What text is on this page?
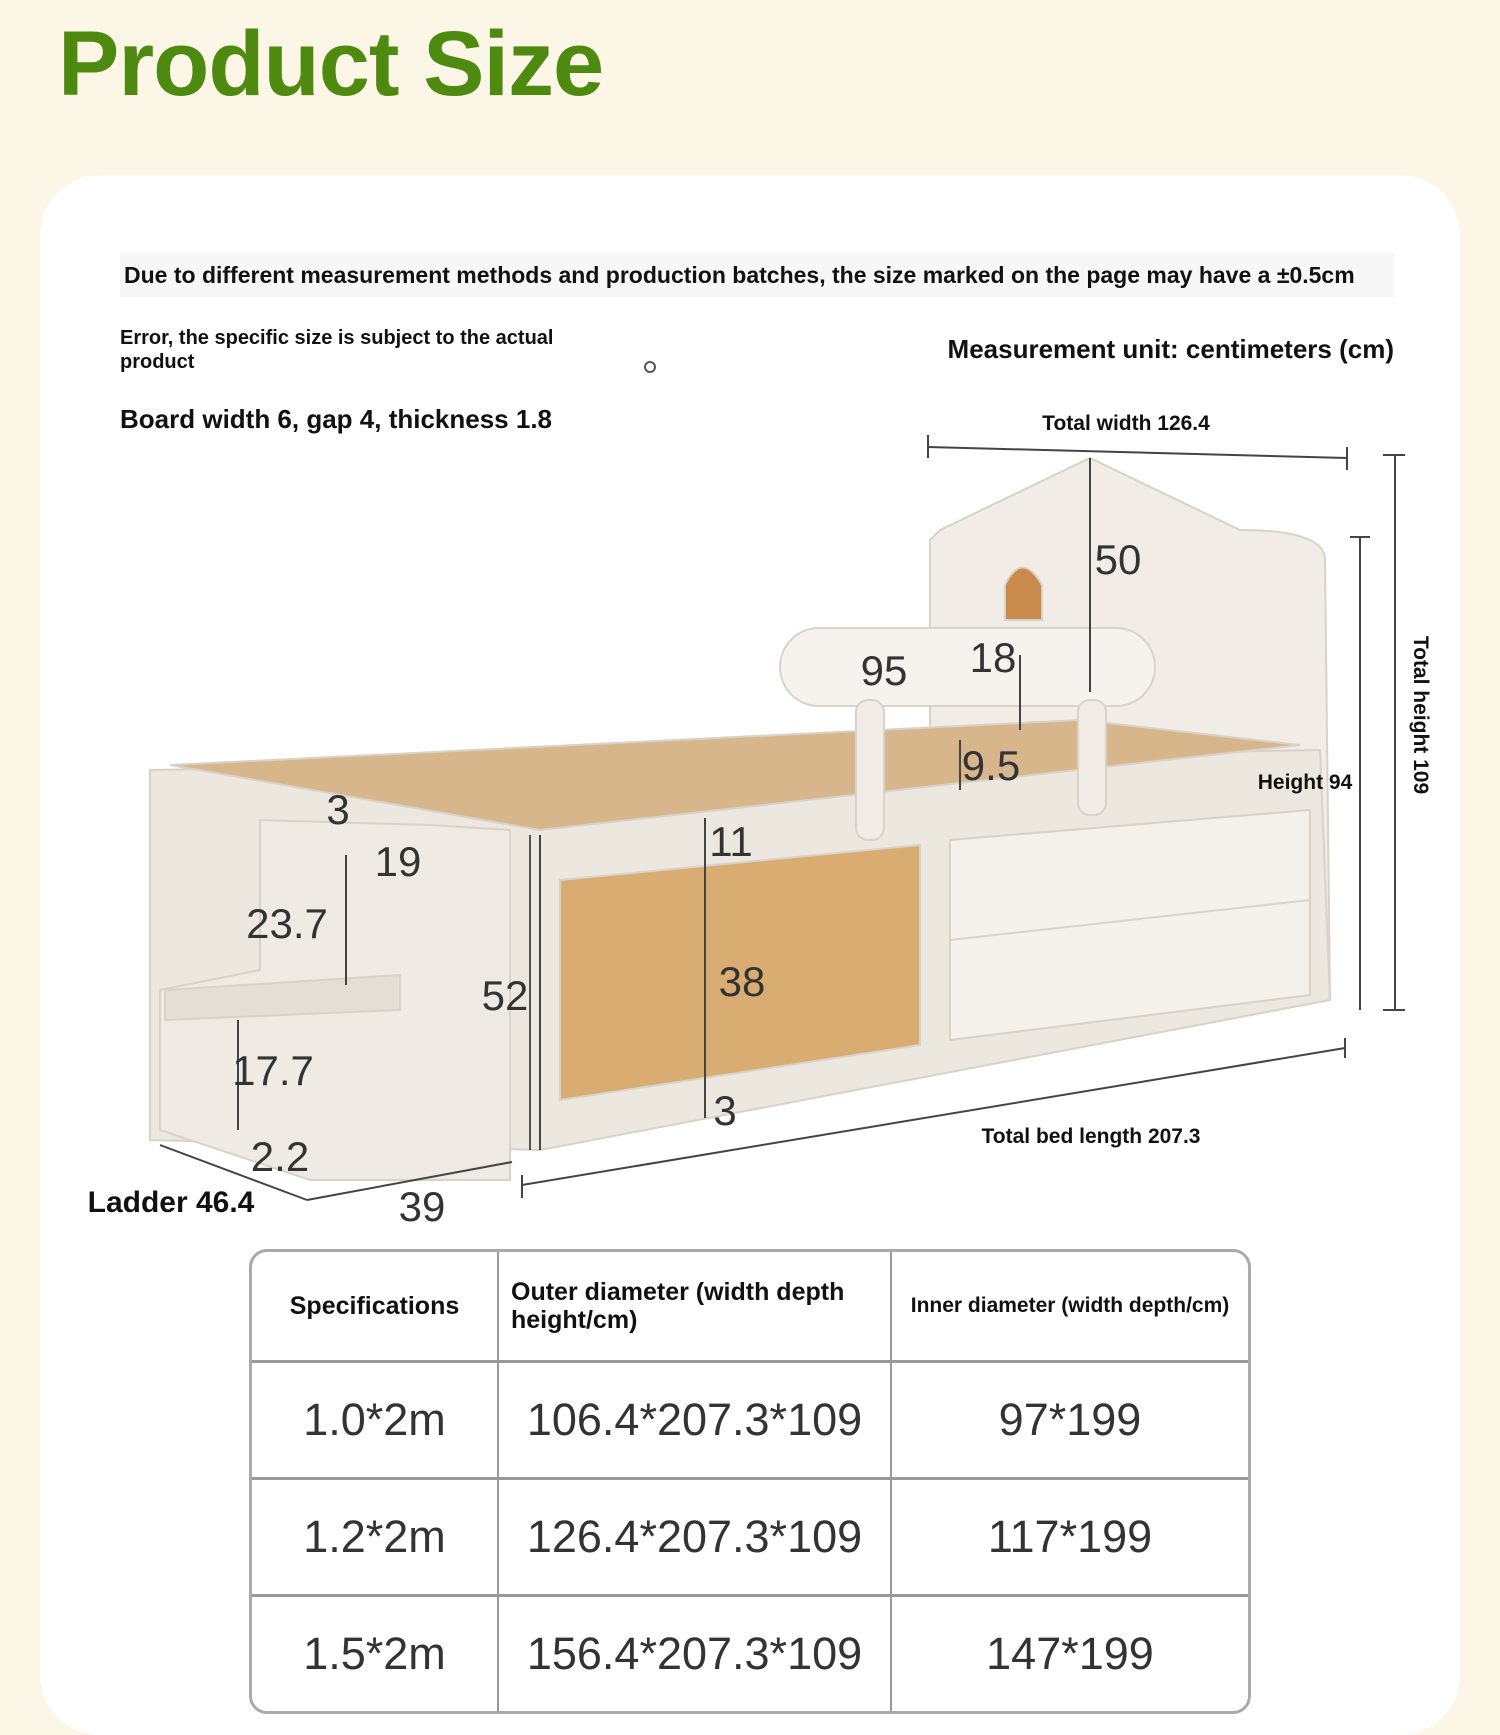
Product Size
Due to different measurement methods and production batches, the size marked on the page may have a ±0.5cm
Error, the specific size is subject to the actual product	Measurement unit: centimeters (cm)
Board width 6, gap 4, thickness 1.8	Total width 126.4
50
95 18
9.5	Height 94	Total height 109
3
19	11
23.7
52	38
17.7
3
2.2	Total bed length 207.3
Ladder 46.4	39
Specifications	Outer diameter (width depth height/cm)	Inner diameter (width depth/cm)
1.0*2m	106.4*207.3*109	97*199
1.2*2m	126.4*207.3*109	117*199
1.5*2m	156.4*207.3*109	147*199
